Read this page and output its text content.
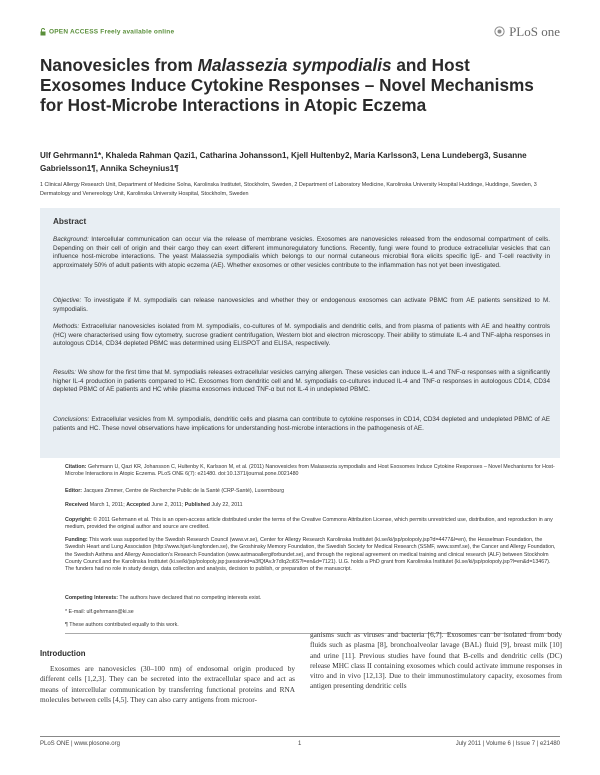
OPEN ACCESS Freely available online	PLoS one
Nanovesicles from Malassezia sympodialis and Host Exosomes Induce Cytokine Responses – Novel Mechanisms for Host-Microbe Interactions in Atopic Eczema
Ulf Gehrmann1*, Khaleda Rahman Qazi1, Catharina Johansson1, Kjell Hultenby2, Maria Karlsson3, Lena Lundeberg3, Susanne Gabrielsson1¶, Annika Scheynius1¶
1 Clinical Allergy Research Unit, Department of Medicine Solna, Karolinska Institutet, Stockholm, Sweden, 2 Department of Laboratory Medicine, Karolinska University Hospital Huddinge, Huddinge, Sweden, 3 Dermatology and Venereology Unit, Karolinska University Hospital, Stockholm, Sweden
Abstract

Background: Intercellular communication can occur via the release of membrane vesicles. Exosomes are nanovesicles released from the endosomal compartment of cells. Depending on their cell of origin and their cargo they can exert different immunoregulatory functions. Recently, fungi were found to produce extracellular vesicles that can influence host-microbe interactions. The yeast Malassezia sympodialis which belongs to our normal cutaneous microbial flora elicits specific IgE- and T-cell reactivity in approximately 50% of adult patients with atopic eczema (AE). Whether exosomes or other vesicles contribute to the inflammation has not yet been investigated.

Objective: To investigate if M. sympodialis can release nanovesicles and whether they or endogenous exosomes can activate PBMC from AE patients sensitized to M. sympodialis.

Methods: Extracellular nanovesicles isolated from M. sympodialis, co-cultures of M. sympodialis and dendritic cells, and from plasma of patients with AE and healthy controls (HC) were characterised using flow cytometry, sucrose gradient centrifugation, Western blot and electron microscopy. Their ability to stimulate IL-4 and TNF-alpha responses in autologous CD14, CD34 depleted PBMC was determined using ELISPOT and ELISA, respectively.

Results: We show for the first time that M. sympodialis releases extracellular vesicles carrying allergen. These vesicles can induce IL-4 and TNF-α responses with a significantly higher IL-4 production in patients compared to HC. Exosomes from dendritic cell and M. sympodialis co-cultures induced IL-4 and TNF-α responses in autologous CD14, CD34 depleted PBMC of AE patients and HC while plasma exosomes induced TNF-α but not IL-4 in undepleted PBMC.

Conclusions: Extracellular vesicles from M. sympodialis, dendritic cells and plasma can contribute to cytokine responses in CD14, CD34 depleted and undepleted PBMC of AE patients and HC. These novel observations have implications for understanding host-microbe interactions in the pathogenesis of AE.

Citation: Gehrmann U, Qazi KR, Johansson C, Hultenby K, Karlsson M, et al. (2011) Nanovesicles from Malassezia sympodialis and Host Exosomes Induce Cytokine Responses – Novel Mechanisms for Host-Microbe Interactions in Atopic Eczema. PLoS ONE 6(7): e21480. doi:10.1371/journal.pone.0021480
Editor: Jacques Zimmer, Centre de Recherche Public de la Santé (CRP-Santé), Luxembourg
Received March 1, 2011; Accepted June 2, 2011; Published July 22, 2011
Copyright: © 2011 Gehrmann et al. This is an open-access article distributed under the terms of the Creative Commons Attribution License, which permits unrestricted use, distribution, and reproduction in any medium, provided the original author and source are credited.
Funding: This work was supported by the Swedish Research Council (www.vr.se), Center for Allergy Research Karolinska Institutet (ki.se/ki/jsp/polopoly.jsp?d=4477&l=en), the Hesselman Foundation, the Swedish Heart and Lung Association (http://www.hjart-lungfonden.se), the Groshinsky Memory Foundation, the Swedish Society for Medical Research (SSMF, www.ssmf.se), the Cancer and Allergy Foundation, the Swedish Asthma and Allergy Association's Research Foundation (www.astmaoallergiforbundet.se), and through the regional agreement on medical training and clinical research (ALF) between Stockholm County Council and the Karolinska Institutet (ki.se/ki/jsp/polopoly.jsp;jsessionid=a3fQfAvJr7dIq2ci6S?l=en&d=7121). U.G. holds a PhD grant from Karolinska Institutet (ki.se/ki/jsp/polopoly.jsp?l=en&d=13467). The funders had no role in study design, data collection and analysis, decision to publish, or preparation of the manuscript.
Competing Interests: The authors have declared that no competing interests exist.
* E-mail: ulf.gehrmann@ki.se
¶ These authors contributed equally to this work.
Introduction
Exosomes are nanovesicles (30–100 nm) of endosomal origin produced by different cells [1,2,3]. They can be secreted into the extracellular space and act as means of intercellular communication by transferring functional proteins and RNA molecules between cells [4,5]. They can also carry antigens from microor-
ganisms such as viruses and bacteria [6,7]. Exosomes can be isolated from body fluids such as plasma [8], bronchoalveolar lavage (BAL) fluid [9], breast milk [10] and urine [11]. Previous studies have found that B-cells and dendritic cells (DC) release MHC class II containing exosomes which could activate immune responses in vitro and in vivo [12,13]. Due to their immunostimulatory capacity, exosomes from antigen presenting dendritic cells
PLoS ONE | www.plosone.org	1	July 2011 | Volume 6 | Issue 7 | e21480
